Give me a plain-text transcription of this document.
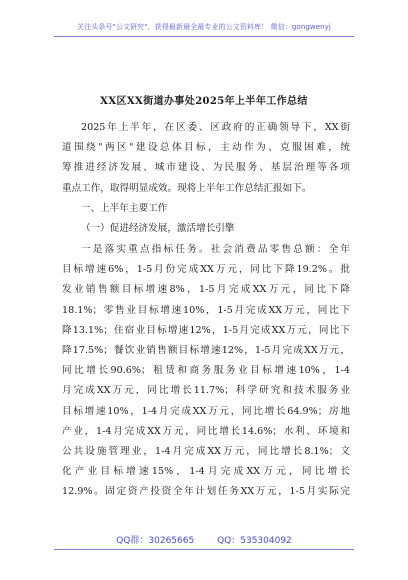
关注头条号"公文研究"，获得最新最全最专业的公文资料库！ 微信：gongwenyj
XX区XX街道办事处2025年上半年工作总结
2025年上半年，在区委、区政府的正确领导下，XX街
道围绕"两区"建设总体目标，主动作为、克服困难，统
筹推进经济发展、城市建设、为民服务、基层治理等各项
重点工作，取得明显成效。现将上半年工作总结汇报如下。
一、上半年主要工作
（一）促进经济发展，激活增长引擎
一是落实重点指标任务。社会消费品零售总额：全年
目标增速6%，1-5月份完成XX万元，同比下降19.2%。批
发业销售额目标增速8%，1-5月完成XX万元，同比下降
18.1%；零售业目标增速10%，1-5月完成XX万元，同比下
降13.1%；住宿业目标增速12%，1-5月完成XX万元，同比下
降17.5%；餐饮业销售额目标增速12%，1-5月完成XX万元，
同比增长90.6%；租赁和商务服务业目标增速10%，1-4
月完成XX万元，同比增长11.7%；科学研究和技术服务业
目标增速10%，1-4月完成XX万元，同比增长64.9%；房地
产业，1-4月完成XX万元，同比增长14.6%；水利、环境和
公共设施管理业，1-4月完成XX万元，同比增长8.1%；文
化产业目标增速15%，1-4月完成XX万元，同比增长
12.9%。固定资产投资全年计划任务XX万元，1-5月实际完
QQ群：30265665	QQ：535304092
